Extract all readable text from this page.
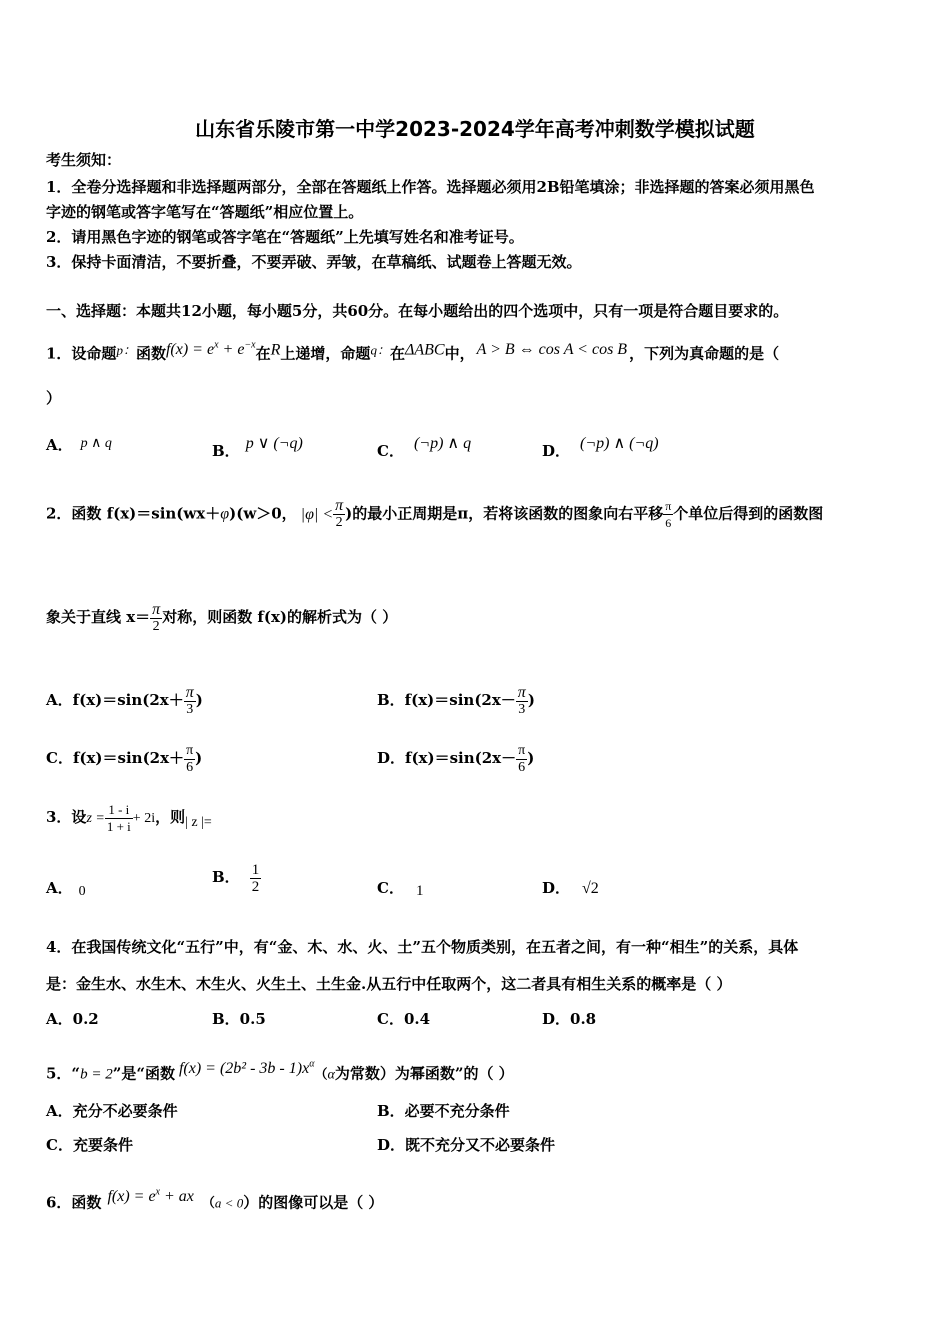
山东省乐陵市第一中学2023-2024学年高考冲刺数学模拟试题
考生须知：
1．全卷分选择题和非选择题两部分，全部在答题纸上作答。选择题必须用2B铅笔填涂；非选择题的答案必须用黑色
字迹的钢笔或答字笔写在“答题纸”相应位置上。
2．请用黑色字迹的钢笔或答字笔在“答题纸”上先填写姓名和准考证号。
3．保持卡面清洁，不要折叠，不要弄破、弄皱，在草稿纸、试题卷上答题无效。
一、选择题：本题共12小题，每小题5分，共60分。在每小题给出的四个选项中，只有一项是符合题目要求的。
1．设命题p：函数$f(x) = e^x + e^{-x}$在R上递增，命题q：在ΔABC中， A > B ⇔ cos A < cos B ，下列为真命题的是（
）
A． p ∧ q	B． p ∨ (¬q)	C． (¬p) ∧ q	D． (¬p) ∧ (¬q)
2．函数 f(x)＝sin(wx＋φ)(w＞0， $|\varphi| < \frac{\pi}{2}$ )的最小正周期是π，若将该函数的图象向右平移 $\frac{\pi}{6}$ 个单位后得到的函数图
象关于直线 $x= \frac{\pi}{2}$ 对称，则函数 f(x)的解析式为（ ）
A．$f(x)=\sin(2x+ \frac{\pi}{3}$ )	B．$f(x)=\sin(2x- \frac{\pi}{3}$ )
C．$f(x)=\sin(2x+ \frac{\pi}{6}$ )	D．$f(x)=\sin(2x- \frac{\pi}{6}$ )
3．设$z = \frac{1 - i}{1 + i} + 2i$，则| z |=
A． 0
B． $\frac{1}{2}$	C． 1	D． √2
4．在我国传统文化“五行”中，有“金、木、水、火、土”五个物质类别，在五者之间，有一种“相生”的关系，具体
是：金生水、水生木、木生火、火生土、土生金.从五行中任取两个，这二者具有相生关系的概率是（ ）
A．0.2	B．0.5	C．0.4	D．0.8
5．“b = 2”是“函数 $f(x) = (2b^2 - 3b - 1)x^\alpha(\alpha$为常数）为幂函数”的（ ）
A．充分不必要条件	B．必要不充分条件
C．充要条件	D．既不充分又不必要条件
6．函数 $f(x) = e^x$ + ax （a < 0）的图像可以是（ ）
